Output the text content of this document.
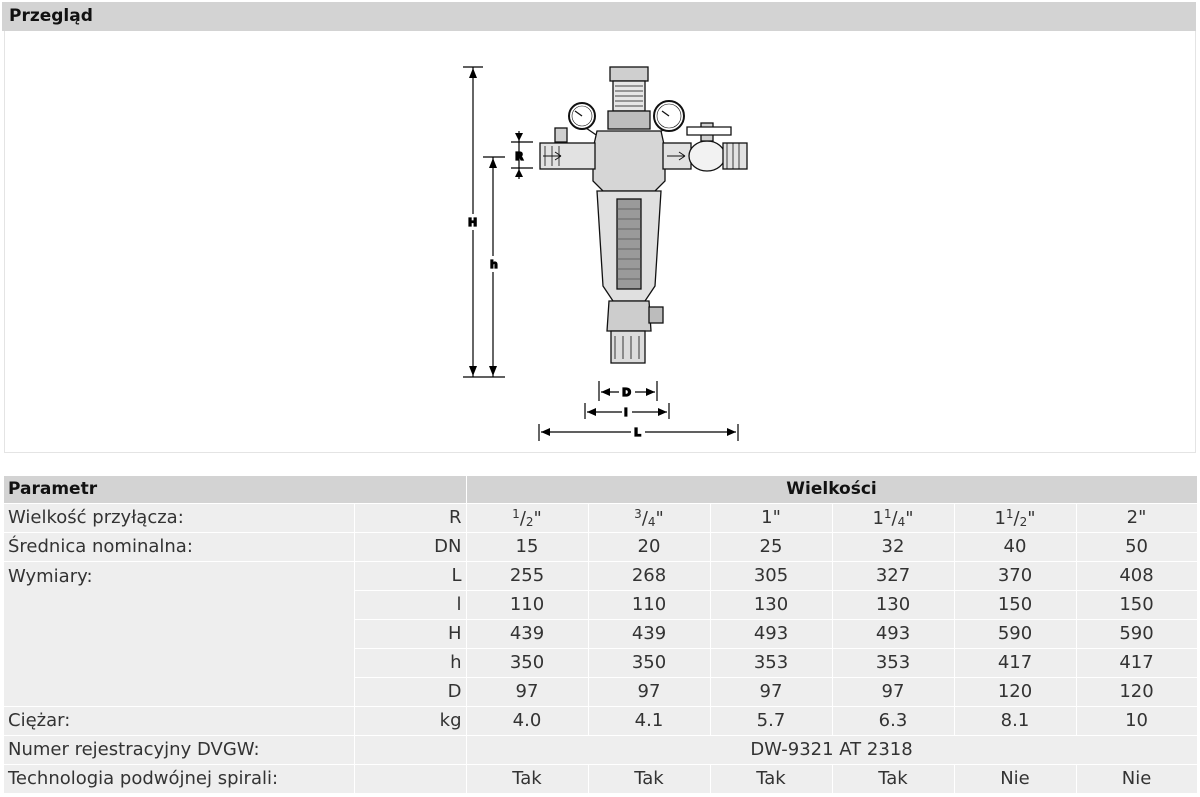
Przegląd
H
h
R
D
l
L
Parametr		Wielkości					
Wielkość przyłącza:	R	$^1/_2$"	$^3/_4$"	1"	$1^1/_4$"	$1^1/_2$"	2"
Średnica nominalna:	DN	15	20	25	32	40	50
Wymiary:	L	255	268	305	327	370	408
	l	110	110	130	130	150	150
	H	439	439	493	493	590	590
	h	350	350	353	353	417	417
	D	97	97	97	97	120	120
Ciężar:	kg	4.0	4.1	5.7	6.3	8.1	10
Numer rejestracyjny DVGW:		DW-9321 AT 2318					
Technologia podwójnej spirali:		Tak	Tak	Tak	Tak	Nie	Nie
